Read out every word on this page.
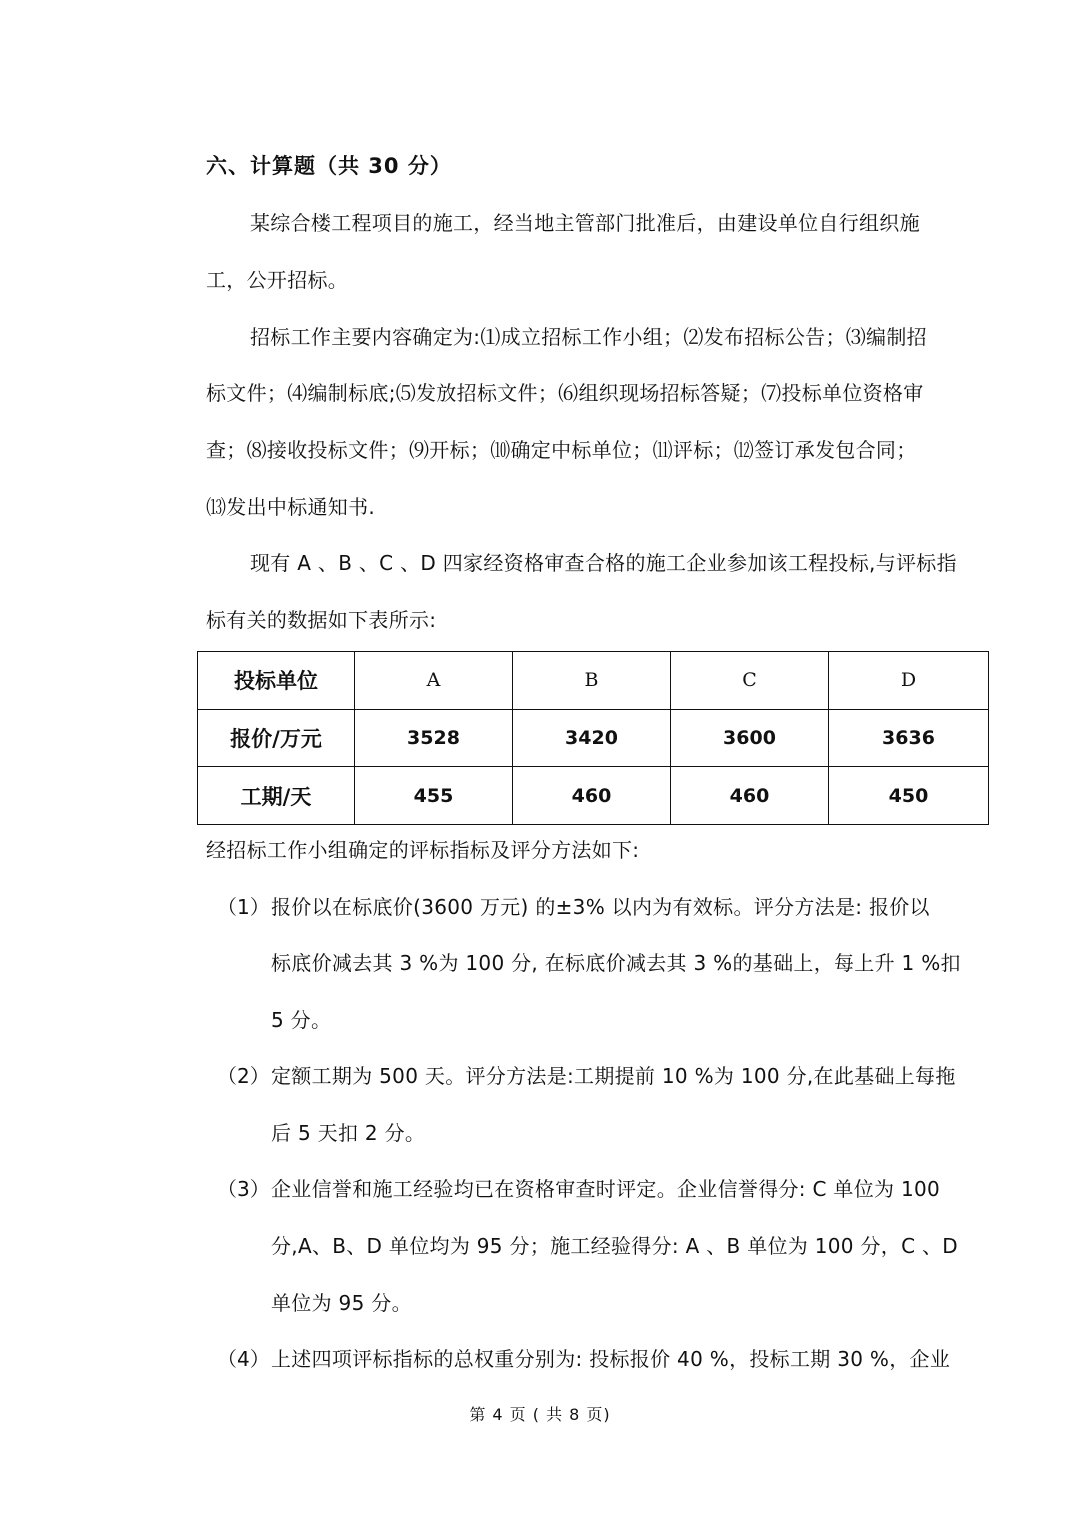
六、计算题（共 30 分）
某综合楼工程项目的施工，经当地主管部门批准后，由建设单位自行组织施
工，公开招标。
招标工作主要内容确定为:⑴成立招标工作小组；⑵发布招标公告；⑶编制招
标文件；⑷编制标底;⑸发放招标文件；⑹组织现场招标答疑；⑺投标单位资格审
查；⑻接收投标文件；⑼开标；⑽确定中标单位；⑾评标；⑿签订承发包合同；
⒀发出中标通知书.
现有 A 、B 、C 、D 四家经资格审查合格的施工企业参加该工程投标,与评标指
标有关的数据如下表所示:
投标单位	A	B	C	D
报价/万元	3528	3420	3600	3636
工期/天	455	460	460	450
经招标工作小组确定的评标指标及评分方法如下:
（1） 报价以在标底价(3600 万元) 的±3% 以内为有效标。评分方法是: 报价以
标底价减去其 3 %为 100 分, 在标底价减去其 3 %的基础上，每上升 1 %扣
5 分。
（2） 定额工期为 500 天。评分方法是:工期提前 10 %为 100 分,在此基础上每拖
后 5 天扣 2 分。
（3） 企业信誉和施工经验均已在资格审查时评定。企业信誉得分: C 单位为 100
分,A、B、D 单位均为 95 分；施工经验得分: A 、B 单位为 100 分，C 、D
单位为 95 分。
（4） 上述四项评标指标的总权重分别为: 投标报价 40 %，投标工期 30 %，企业
第 4 页 ( 共 8 页)
